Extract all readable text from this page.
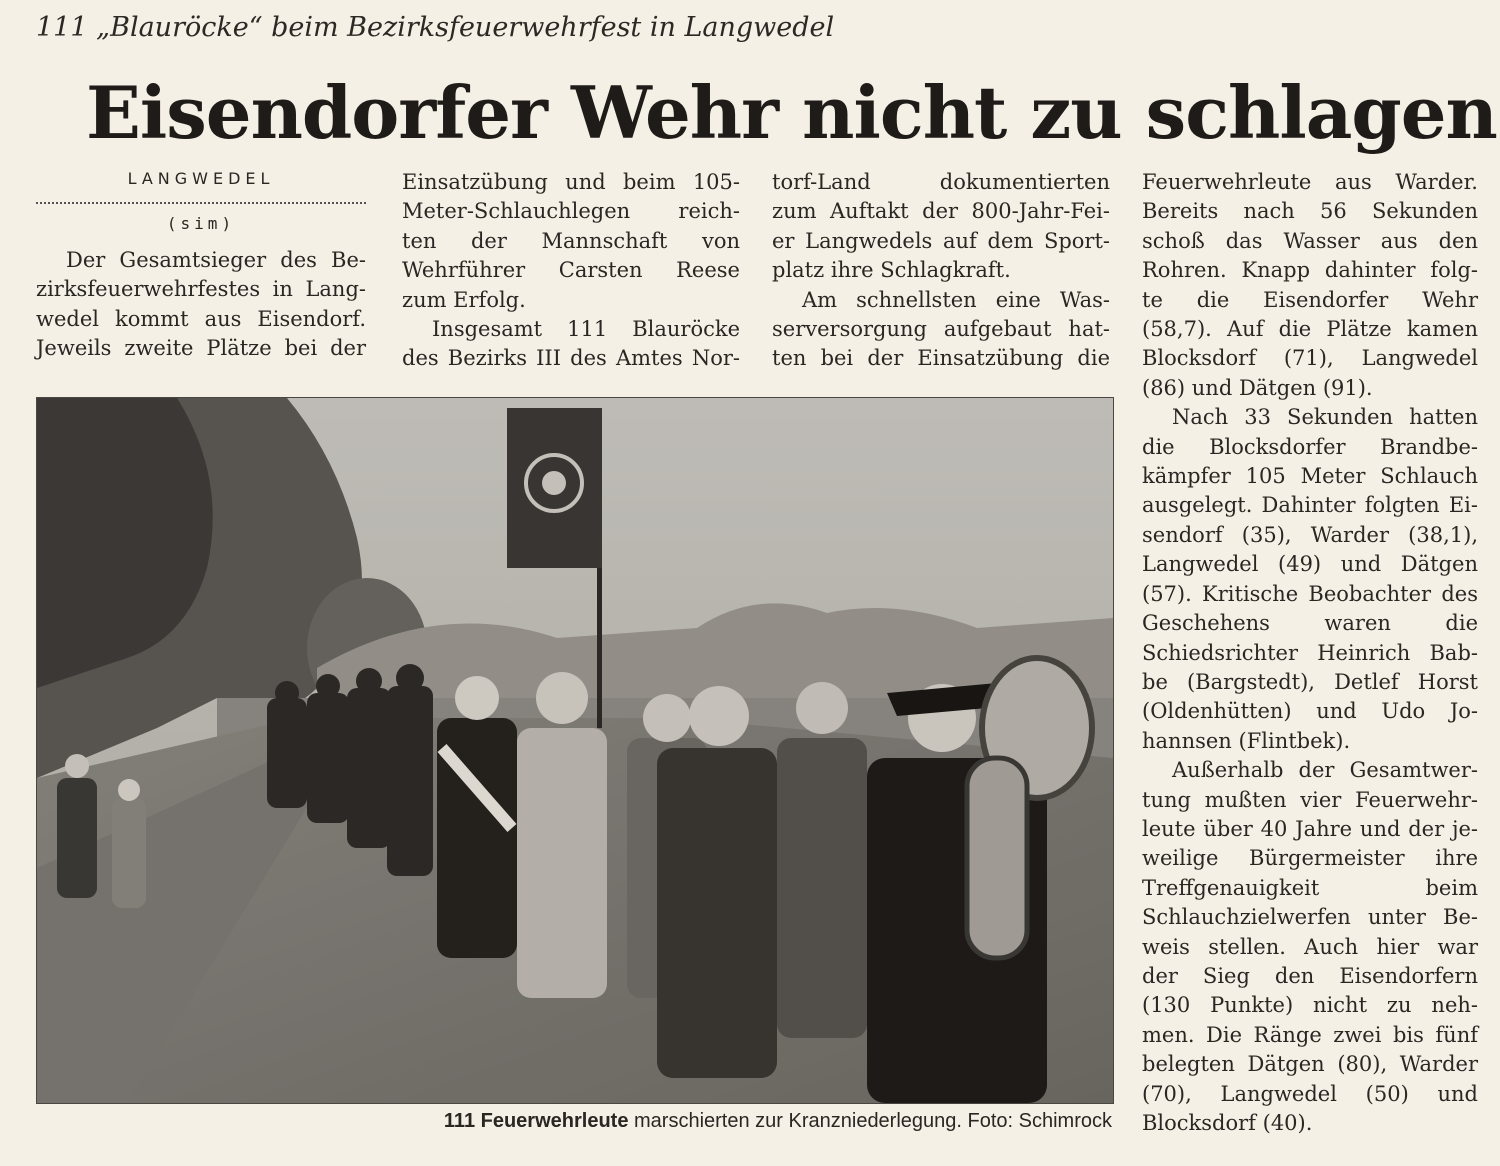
111 „Blauröcke“ beim Bezirksfeuerwehrfest in Langwedel
Eisendorfer Wehr nicht zu schlagen
LANGWEDEL
(sim)
Der Gesamtsieger des Be-
zirksfeuerwehrfestes in Lang-
wedel kommt aus Eisendorf.
Jeweils zweite Plätze bei der
Einsatzübung und beim 105-
Meter-Schlauchlegen reich-
ten der Mannschaft von
Wehrführer Carsten Reese
zum Erfolg.
Insgesamt 111 Blauröcke
des Bezirks III des Amtes Nor-
torf-Land dokumentierten
zum Auftakt der 800-Jahr-Fei-
er Langwedels auf dem Sport-
platz ihre Schlagkraft.
Am schnellsten eine Was-
serversorgung aufgebaut hat-
ten bei der Einsatzübung die
Feuerwehrleute aus Warder.
Bereits nach 56 Sekunden
schoß das Wasser aus den
Rohren. Knapp dahinter folg-
te die Eisendorfer Wehr
(58,7). Auf die Plätze kamen
Blocksdorf (71), Langwedel
(86) und Dätgen (91).
Nach 33 Sekunden hatten
die Blocksdorfer Brandbe-
kämpfer 105 Meter Schlauch
ausgelegt. Dahinter folgten Ei-
sendorf (35), Warder (38,1),
Langwedel (49) und Dätgen
(57). Kritische Beobachter des
Geschehens waren die
Schiedsrichter Heinrich Bab-
be (Bargstedt), Detlef Horst
(Oldenhütten) und Udo Jo-
hannsen (Flintbek).
Außerhalb der Gesamtwer-
tung mußten vier Feuerwehr-
leute über 40 Jahre und der je-
weilige Bürgermeister ihre
Treffgenauigkeit beim
Schlauchzielwerfen unter Be-
weis stellen. Auch hier war
der Sieg den Eisendorfern
(130 Punkte) nicht zu neh-
men. Die Ränge zwei bis fünf
belegten Dätgen (80), Warder
(70), Langwedel (50) und
Blocksdorf (40).
111 Feuerwehrleute marschierten zur Kranzniederlegung. Foto: Schimrock
